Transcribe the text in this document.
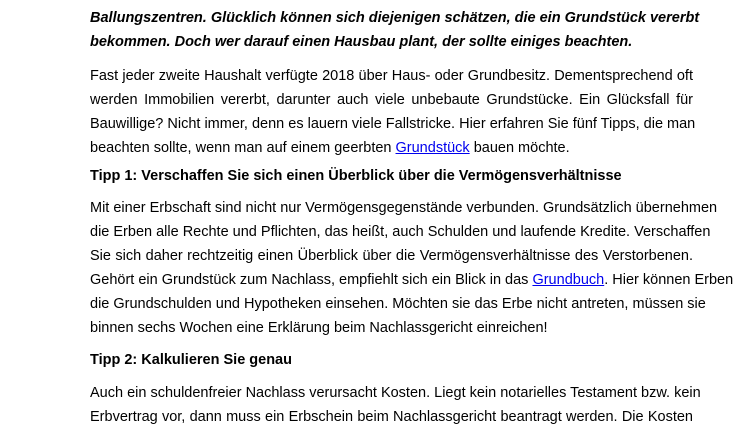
Ballungszentren. Glücklich können sich diejenigen schätzen, die ein Grundstück vererbt
bekommen. Doch wer darauf einen Hausbau plant, der sollte einiges beachten.
Fast jeder zweite Haushalt verfügte 2018 über Haus- oder Grundbesitz. Dementsprechend oft
werden Immobilien vererbt, darunter auch viele unbebaute Grundstücke. Ein Glücksfall für
Bauwillige? Nicht immer, denn es lauern viele Fallstricke. Hier erfahren Sie fünf Tipps, die man
beachten sollte, wenn man auf einem geerbten Grundstück bauen möchte.
Tipp 1: Verschaffen Sie sich einen Überblick über die Vermögensverhältnisse
Mit einer Erbschaft sind nicht nur Vermögensgegenstände verbunden. Grundsätzlich übernehmen
die Erben alle Rechte und Pflichten, das heißt, auch Schulden und laufende Kredite. Verschaffen
Sie sich daher rechtzeitig einen Überblick über die Vermögensverhältnisse des Verstorbenen.
Gehört ein Grundstück zum Nachlass, empfiehlt sich ein Blick in das Grundbuch. Hier können Erben
die Grundschulden und Hypotheken einsehen. Möchten sie das Erbe nicht antreten, müssen sie
binnen sechs Wochen eine Erklärung beim Nachlassgericht einreichen!
Tipp 2: Kalkulieren Sie genau
Auch ein schuldenfreier Nachlass verursacht Kosten. Liegt kein notarielles Testament bzw. kein
Erbvertrag vor, dann muss ein Erbschein beim Nachlassgericht beantragt werden. Die Kosten
